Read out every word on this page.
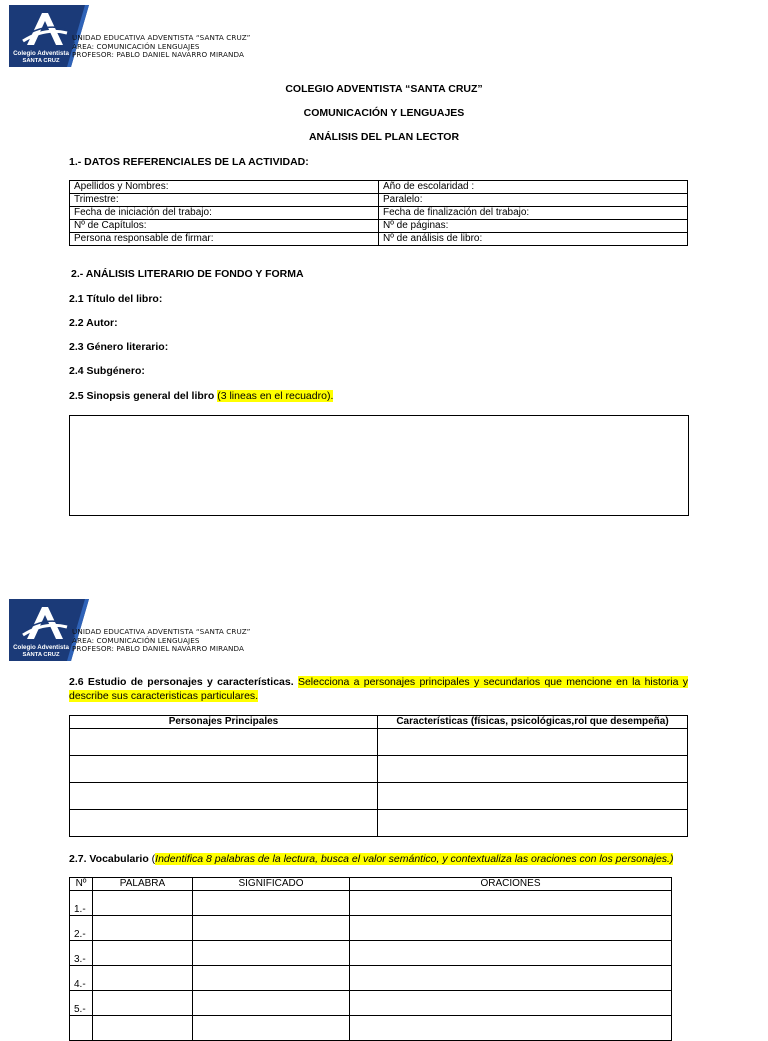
Colegio Adventista
SANTA CRUZ
UNIDAD EDUCATIVA ADVENTISTA “SANTA CRUZ”
ÁREA: COMUNICACIÓN LENGUAJES
PROFESOR: PABLO DANIEL NAVARRO MIRANDA
COLEGIO ADVENTISTA “SANTA CRUZ”
COMUNICACIÓN Y LENGUAJES
ANÁLISIS DEL PLAN LECTOR
1.- DATOS REFERENCIALES DE LA ACTIVIDAD:
Apellidos y Nombres:	Año de escolaridad :
Trimestre:	Paralelo:
Fecha de iniciación del trabajo:	Fecha de finalización del trabajo:
Nº de Capítulos:	Nº de páginas:
Persona responsable de firmar:	Nº de análisis de libro:
2.- ANÁLISIS LITERARIO DE FONDO Y FORMA
2.1 Título del libro:
2.2 Autor:
2.3 Género literario:
2.4 Subgénero:
2.5 Sinopsis general del libro (3 lineas en el recuadro).
Colegio Adventista
SANTA CRUZ
UNIDAD EDUCATIVA ADVENTISTA “SANTA CRUZ”
ÁREA: COMUNICACIÓN LENGUAJES
PROFESOR: PABLO DANIEL NAVARRO MIRANDA
2.6 Estudio de personajes y características. Selecciona a personajes principales y secundarios que mencione en la historia y describe sus caracteristicas particulares.
Personajes Principales	Características (físicas, psicológicas,rol que desempeña)

2.7. Vocabulario (Indentifica 8 palabras de la lectura, busca el valor semántico, y contextualiza las oraciones con los personajes.)
Nº	PALABRA	SIGNIFICADO	ORACIONES
1.-			
2.-			
3.-			
4.-			
5.-			
